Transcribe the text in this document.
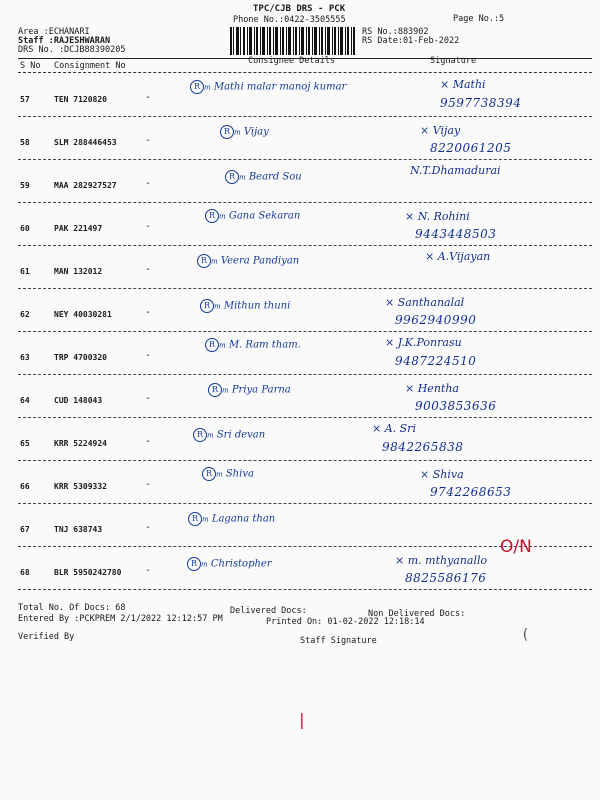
TPC/CJB DRS - PCK
Phone No.:0422-3505555	Page No.:5
Area :ECHANARI
Staff :RAJESHWARAN
DRS No. :DCJB88390205
RS No.:883902
RS Date:01-Feb-2022
S No Consignment No	Consignee Details	Signature
57	TEN 7120820	-
R m Mathi malar manoj kumar	× Mathi
9597738394
58	SLM 288446453	-
R m Vijay	× Vijay
8220061205
59	MAA 282927527	-
R m Beard Sou	N.T.Dhamadurai
60	PAK 221497	-
R m Gana Sekaran	× N. Rohini
9443448503
61	MAN 132012	-
R m Veera Pandiyan	× A.Vijayan
62	NEY 40030281	-
R m Mithun thuni	× Santhanalal
9962940990
63	TRP 4700320	-
R m M. Ram tham.	× J.K.Ponrasu
9487224510
64	CUD 148043	-
R m Priya Parna	× Hentha
9003853636
65	KRR 5224924	-
R m Sri devan	× A. Sri
9842265838
66	KRR 5309332	-
R m Shiva	× Shiva
9742268653
67	TNJ 638743	-
R m Lagana than
68	BLR 5950242780 -
R m Christopher	× m. mthyanallo
8825586176
O/N
Total No. Of Docs: 68	Delivered Docs:	Non Delivered Docs:
Entered By :PCKPREM 2/1/2022 12:12:57 PM	Printed On: 01-02-2022 12:18:14
Verified By	Staff Signature
|
(
